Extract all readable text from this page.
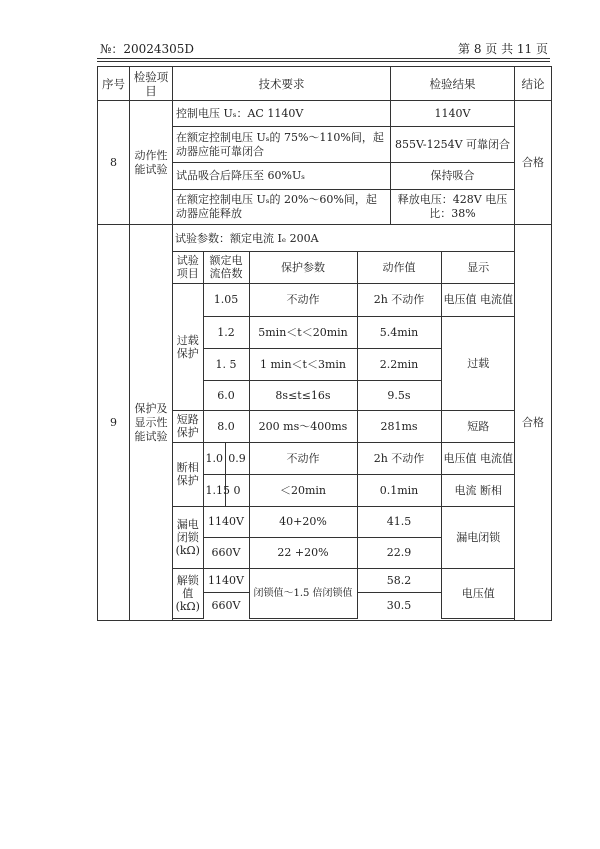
№：20024305D	第 8 页 共 11 页
序号	检验项目	技术要求	检验结果	结论
8	动作性能试验	控制电压 Uₛ：AC 1140V	1140V	合格
在额定控制电压 Uₛ的 75%～110%间，起动器应能可靠闭合	855V-1254V 可靠闭合
试品吸合后降压至 60%Uₛ	保持吸合
在额定控制电压 Uₛ的 20%～60%间，起动器应能释放	释放电压：428V 电压比：38%
9	保护及显示性能试验	
试验参数：额定电流 Iₑ 200A
试验项目	额定电流倍数	保护参数	动作值	显示
过载保护	1.05	不动作	2h 不动作	电压值 电流值
1.2	5min＜t＜20min	5.4min	过载
1. 5	1 min＜t＜3min	2.2min
6.0	8s≤t≤16s	9.5s
短路保护	8.0	200 ms～400ms	281ms	短路
断相保护	1.0	0.9	不动作	2h 不动作	电压值 电流值
1.15	0	＜20min	0.1min	电流 断相
漏电闭锁(kΩ)	1140V	40+20%	41.5	漏电闭锁
660V	22 +20%	22.9
解锁值(kΩ)	1140V	闭锁值～1.5 倍闭锁值	58.2	电压值
660V	30.5
	合格
